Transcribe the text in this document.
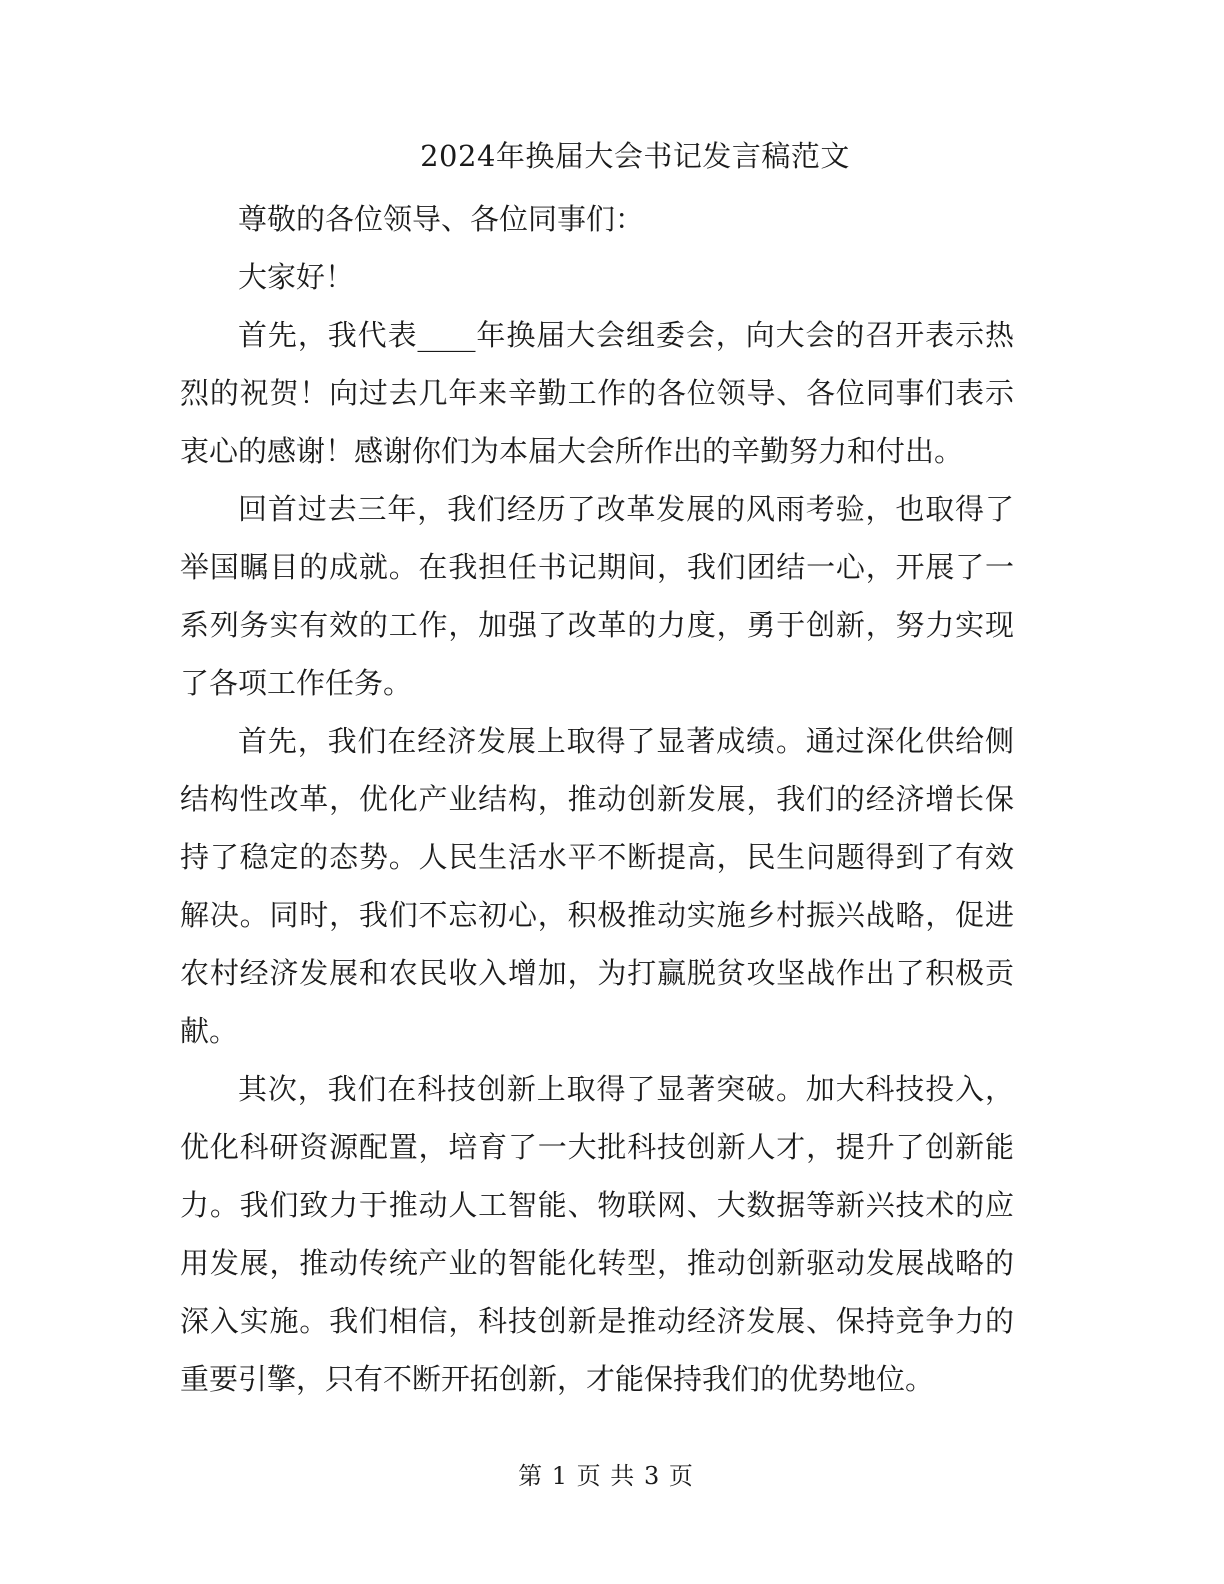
2024年换届大会书记发言稿范文

尊敬的各位领导、各位同事们：

大家好！

首先，我代表____年换届大会组委会，向大会的召开表示热烈的祝贺！向过去几年来辛勤工作的各位领导、各位同事们表示衷心的感谢！感谢你们为本届大会所作出的辛勤努力和付出。

回首过去三年，我们经历了改革发展的风雨考验，也取得了举国瞩目的成就。在我担任书记期间，我们团结一心，开展了一系列务实有效的工作，加强了改革的力度，勇于创新，努力实现了各项工作任务。

首先，我们在经济发展上取得了显著成绩。通过深化供给侧结构性改革，优化产业结构，推动创新发展，我们的经济增长保持了稳定的态势。人民生活水平不断提高，民生问题得到了有效解决。同时，我们不忘初心，积极推动实施乡村振兴战略，促进农村经济发展和农民收入增加，为打赢脱贫攻坚战作出了积极贡献。

其次，我们在科技创新上取得了显著突破。加大科技投入，优化科研资源配置，培育了一大批科技创新人才，提升了创新能力。我们致力于推动人工智能、物联网、大数据等新兴技术的应用发展，推动传统产业的智能化转型，推动创新驱动发展战略的深入实施。我们相信，科技创新是推动经济发展、保持竞争力的重要引擎，只有不断开拓创新，才能保持我们的优势地位。

第 1 页 共 3 页
